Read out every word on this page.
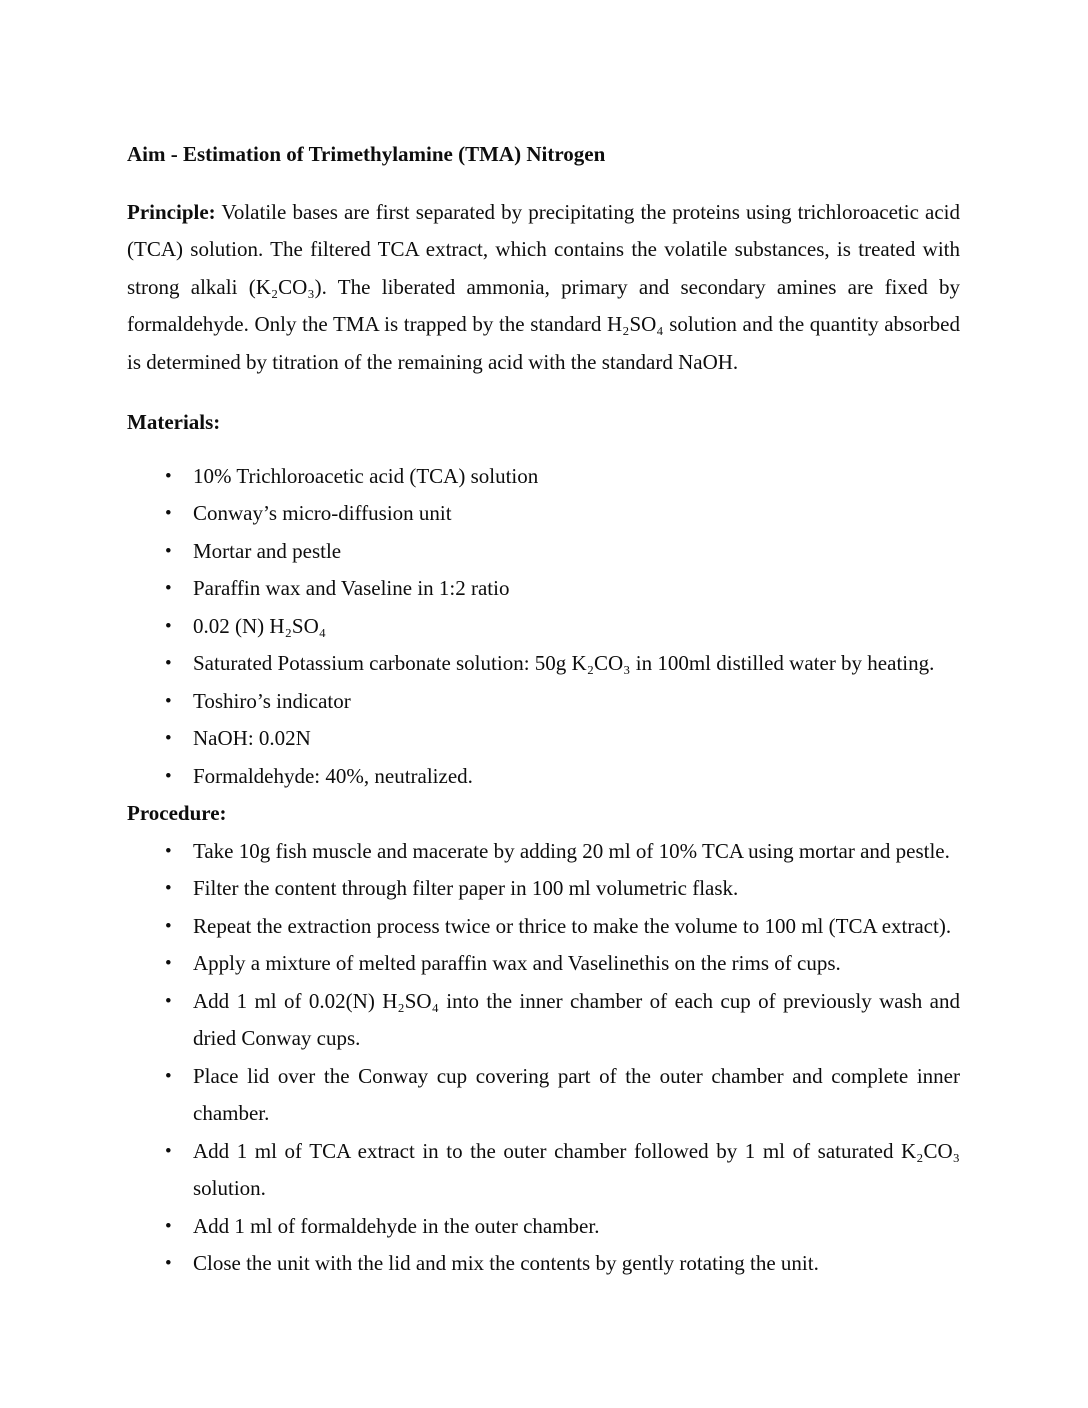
Aim - Estimation of Trimethylamine (TMA) Nitrogen

Principle: Volatile bases are first separated by precipitating the proteins using trichloroacetic acid (TCA) solution. The filtered TCA extract, which contains the volatile substances, is treated with strong alkali (K₂CO₃). The liberated ammonia, primary and secondary amines are fixed by formaldehyde. Only the TMA is trapped by the standard H₂SO₄ solution and the quantity absorbed is determined by titration of the remaining acid with the standard NaOH.

Materials:
• 10% Trichloroacetic acid (TCA) solution
• Conway’s micro-diffusion unit
• Mortar and pestle
• Paraffin wax and Vaseline in 1:2 ratio
• 0.02 (N) H₂SO₄
• Saturated Potassium carbonate solution: 50g K₂CO₃ in 100ml distilled water by heating.
• Toshiro’s indicator
• NaOH: 0.02N
• Formaldehyde: 40%, neutralized.
Procedure:
• Take 10g fish muscle and macerate by adding 20 ml of 10% TCA using mortar and pestle.
• Filter the content through filter paper in 100 ml volumetric flask.
• Repeat the extraction process twice or thrice to make the volume to 100 ml (TCA extract).
• Apply a mixture of melted paraffin wax and Vaselinethis on the rims of cups.
• Add 1 ml of 0.02(N) H₂SO₄ into the inner chamber of each cup of previously wash and dried Conway cups.
• Place lid over the Conway cup covering part of the outer chamber and complete inner chamber.
• Add 1 ml of TCA extract in to the outer chamber followed by 1 ml of saturated K₂CO₃ solution.
• Add 1 ml of formaldehyde in the outer chamber.
• Close the unit with the lid and mix the contents by gently rotating the unit.
